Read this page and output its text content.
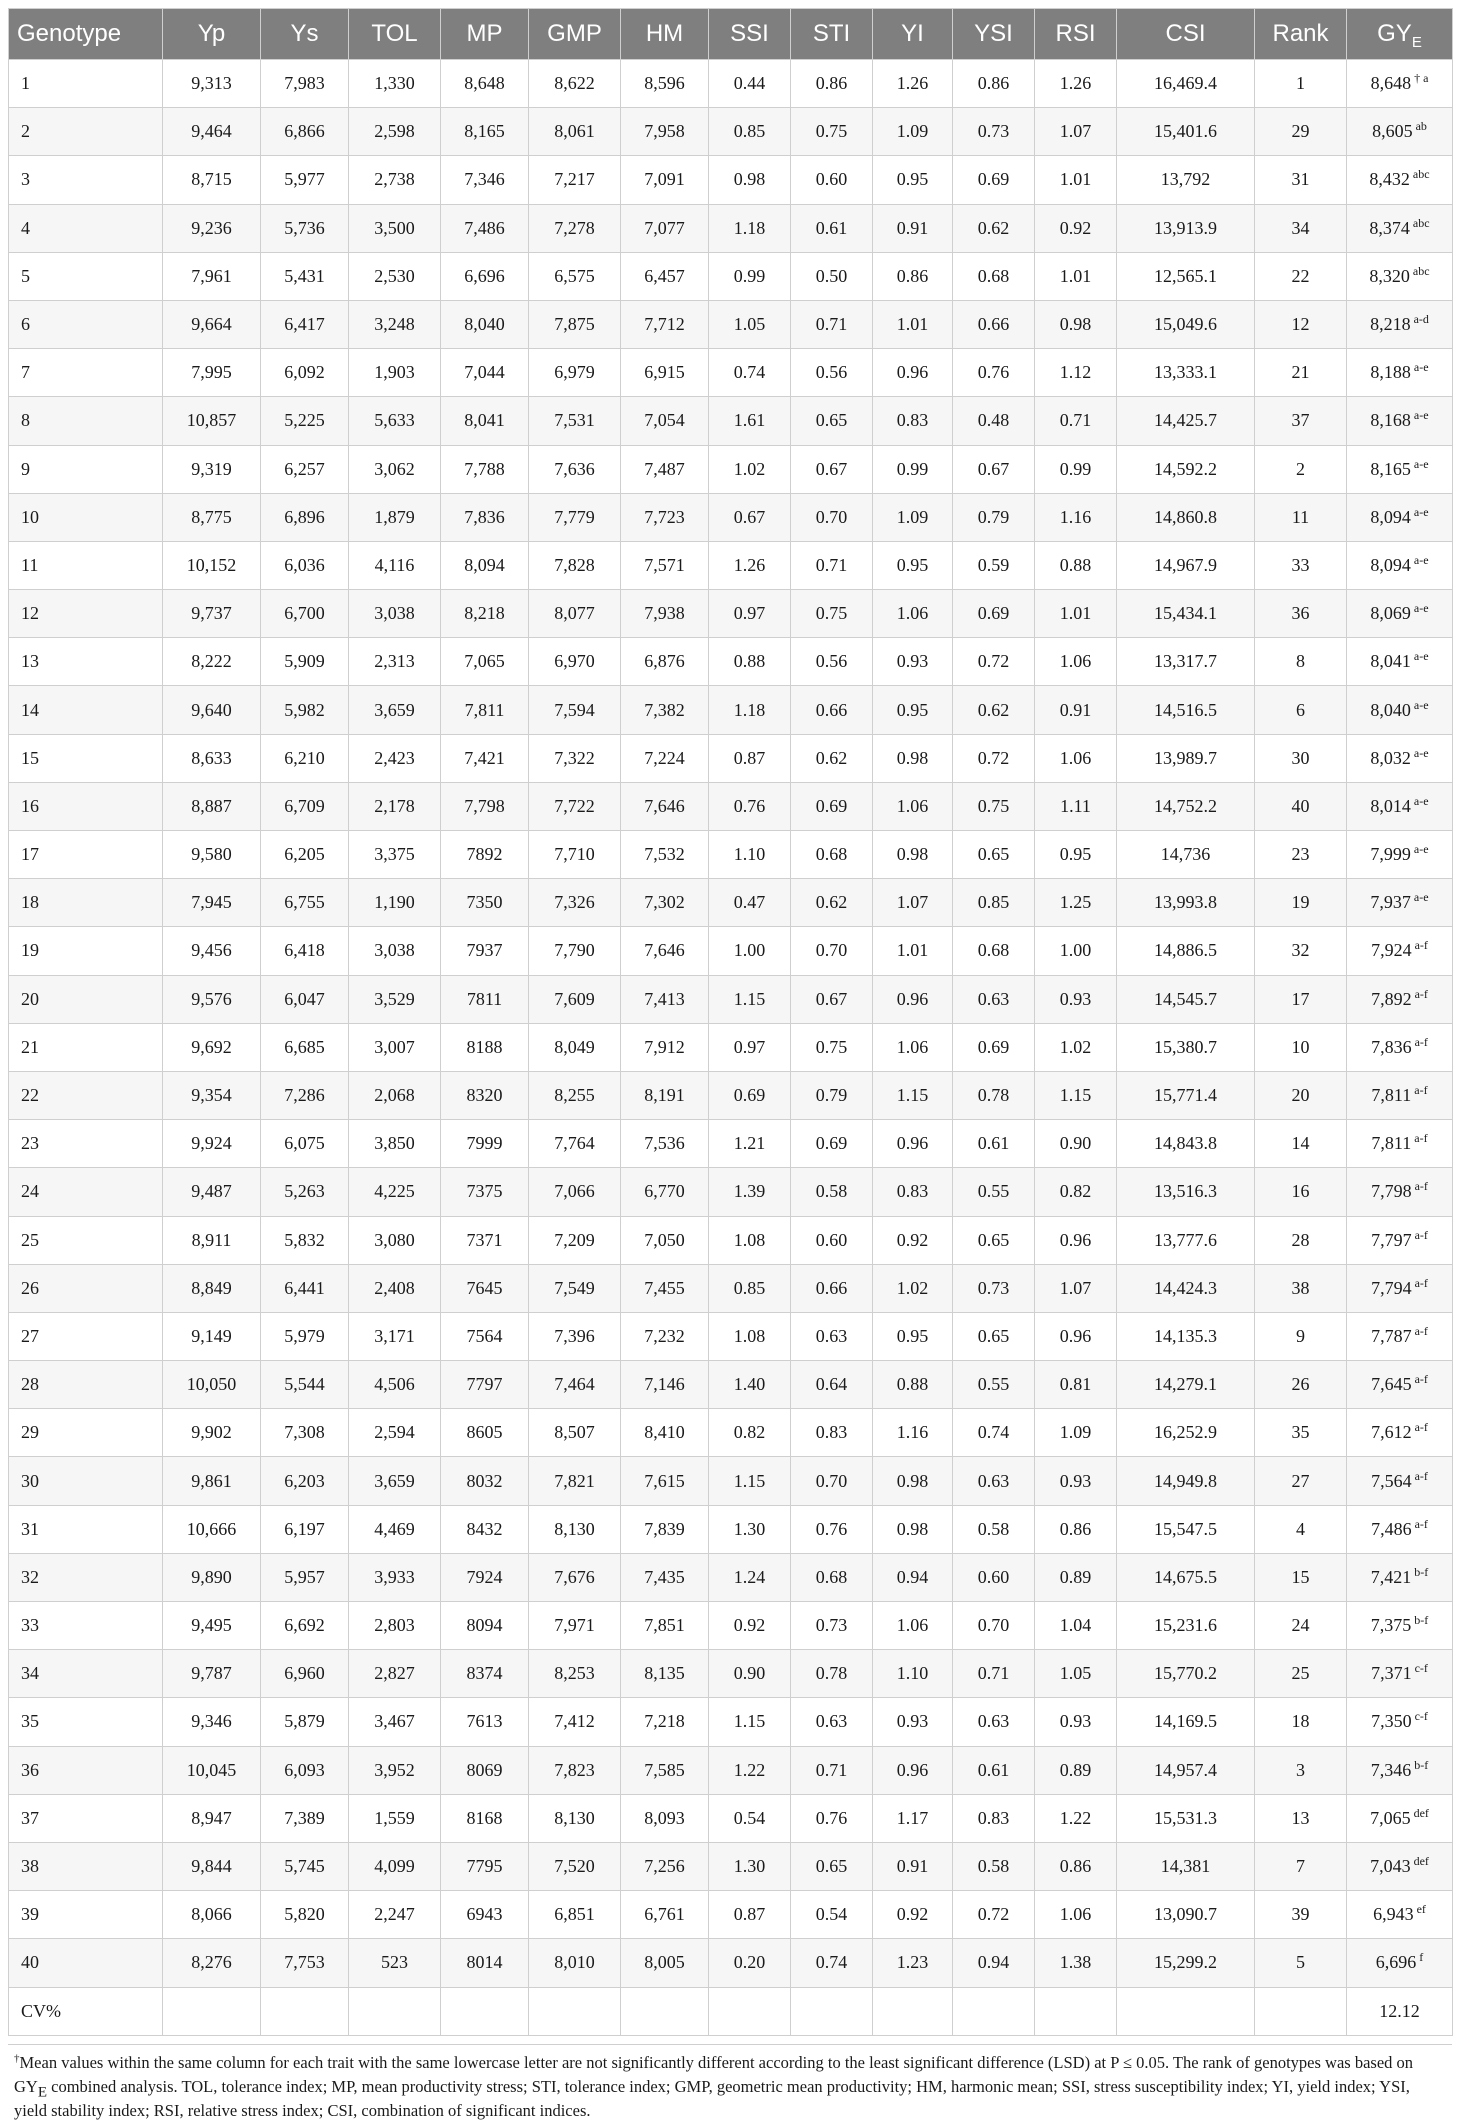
Genotype	Yp	Ys	TOL	MP	GMP	HM	SSI	STI	YI	YSI	RSI	CSI	Rank	$GY_E$
1	9,313	7,983	1,330	8,648	8,622	8,596	0.44	0.86	1.26	0.86	1.26	16,469.4	1	8,648 $^{\dagger a}$
2	9,464	6,866	2,598	8,165	8,061	7,958	0.85	0.75	1.09	0.73	1.07	15,401.6	29	8,605 $^{ab}$
3	8,715	5,977	2,738	7,346	7,217	7,091	0.98	0.60	0.95	0.69	1.01	13,792	31	8,432 $^{abc}$
4	9,236	5,736	3,500	7,486	7,278	7,077	1.18	0.61	0.91	0.62	0.92	13,913.9	34	8,374 $^{abc}$
5	7,961	5,431	2,530	6,696	6,575	6,457	0.99	0.50	0.86	0.68	1.01	12,565.1	22	8,320 $^{abc}$
6	9,664	6,417	3,248	8,040	7,875	7,712	1.05	0.71	1.01	0.66	0.98	15,049.6	12	8,218 $^{a-d}$
7	7,995	6,092	1,903	7,044	6,979	6,915	0.74	0.56	0.96	0.76	1.12	13,333.1	21	8,188 $^{a-e}$
8	10,857	5,225	5,633	8,041	7,531	7,054	1.61	0.65	0.83	0.48	0.71	14,425.7	37	8,168 $^{a-e}$
9	9,319	6,257	3,062	7,788	7,636	7,487	1.02	0.67	0.99	0.67	0.99	14,592.2	2	8,165 $^{a-e}$
10	8,775	6,896	1,879	7,836	7,779	7,723	0.67	0.70	1.09	0.79	1.16	14,860.8	11	8,094 $^{a-e}$
11	10,152	6,036	4,116	8,094	7,828	7,571	1.26	0.71	0.95	0.59	0.88	14,967.9	33	8,094 $^{a-e}$
12	9,737	6,700	3,038	8,218	8,077	7,938	0.97	0.75	1.06	0.69	1.01	15,434.1	36	8,069 $^{a-e}$
13	8,222	5,909	2,313	7,065	6,970	6,876	0.88	0.56	0.93	0.72	1.06	13,317.7	8	8,041 $^{a-e}$
14	9,640	5,982	3,659	7,811	7,594	7,382	1.18	0.66	0.95	0.62	0.91	14,516.5	6	8,040 $^{a-e}$
15	8,633	6,210	2,423	7,421	7,322	7,224	0.87	0.62	0.98	0.72	1.06	13,989.7	30	8,032 $^{a-e}$
16	8,887	6,709	2,178	7,798	7,722	7,646	0.76	0.69	1.06	0.75	1.11	14,752.2	40	8,014 $^{a-e}$
17	9,580	6,205	3,375	7892	7,710	7,532	1.10	0.68	0.98	0.65	0.95	14,736	23	7,999 $^{a-e}$
18	7,945	6,755	1,190	7350	7,326	7,302	0.47	0.62	1.07	0.85	1.25	13,993.8	19	7,937 $^{a-e}$
19	9,456	6,418	3,038	7937	7,790	7,646	1.00	0.70	1.01	0.68	1.00	14,886.5	32	7,924 $^{a-f}$
20	9,576	6,047	3,529	7811	7,609	7,413	1.15	0.67	0.96	0.63	0.93	14,545.7	17	7,892 $^{a-f}$
21	9,692	6,685	3,007	8188	8,049	7,912	0.97	0.75	1.06	0.69	1.02	15,380.7	10	7,836 $^{a-f}$
22	9,354	7,286	2,068	8320	8,255	8,191	0.69	0.79	1.15	0.78	1.15	15,771.4	20	7,811 $^{a-f}$
23	9,924	6,075	3,850	7999	7,764	7,536	1.21	0.69	0.96	0.61	0.90	14,843.8	14	7,811 $^{a-f}$
24	9,487	5,263	4,225	7375	7,066	6,770	1.39	0.58	0.83	0.55	0.82	13,516.3	16	7,798 $^{a-f}$
25	8,911	5,832	3,080	7371	7,209	7,050	1.08	0.60	0.92	0.65	0.96	13,777.6	28	7,797 $^{a-f}$
26	8,849	6,441	2,408	7645	7,549	7,455	0.85	0.66	1.02	0.73	1.07	14,424.3	38	7,794 $^{a-f}$
27	9,149	5,979	3,171	7564	7,396	7,232	1.08	0.63	0.95	0.65	0.96	14,135.3	9	7,787 $^{a-f}$
28	10,050	5,544	4,506	7797	7,464	7,146	1.40	0.64	0.88	0.55	0.81	14,279.1	26	7,645 $^{a-f}$
29	9,902	7,308	2,594	8605	8,507	8,410	0.82	0.83	1.16	0.74	1.09	16,252.9	35	7,612 $^{a-f}$
30	9,861	6,203	3,659	8032	7,821	7,615	1.15	0.70	0.98	0.63	0.93	14,949.8	27	7,564 $^{a-f}$
31	10,666	6,197	4,469	8432	8,130	7,839	1.30	0.76	0.98	0.58	0.86	15,547.5	4	7,486 $^{a-f}$
32	9,890	5,957	3,933	7924	7,676	7,435	1.24	0.68	0.94	0.60	0.89	14,675.5	15	7,421 $^{b-f}$
33	9,495	6,692	2,803	8094	7,971	7,851	0.92	0.73	1.06	0.70	1.04	15,231.6	24	7,375 $^{b-f}$
34	9,787	6,960	2,827	8374	8,253	8,135	0.90	0.78	1.10	0.71	1.05	15,770.2	25	7,371 $^{c-f}$
35	9,346	5,879	3,467	7613	7,412	7,218	1.15	0.63	0.93	0.63	0.93	14,169.5	18	7,350 $^{c-f}$
36	10,045	6,093	3,952	8069	7,823	7,585	1.22	0.71	0.96	0.61	0.89	14,957.4	3	7,346 $^{b-f}$
37	8,947	7,389	1,559	8168	8,130	8,093	0.54	0.76	1.17	0.83	1.22	15,531.3	13	7,065 $^{def}$
38	9,844	5,745	4,099	7795	7,520	7,256	1.30	0.65	0.91	0.58	0.86	14,381	7	7,043 $^{def}$
39	8,066	5,820	2,247	6943	6,851	6,761	0.87	0.54	0.92	0.72	1.06	13,090.7	39	6,943 $^{ef}$
40	8,276	7,753	523	8014	8,010	8,005	0.20	0.74	1.23	0.94	1.38	15,299.2	5	6,696 $^f$
CV%														12.12
†Mean values within the same column for each trait with the same lowercase letter are not significantly different according to the least significant difference (LSD) at P ≤ 0.05. The rank of genotypes was based on GYE combined analysis. TOL, tolerance index; MP, mean productivity stress; STI, tolerance index; GMP, geometric mean productivity; HM, harmonic mean; SSI, stress susceptibility index; YI, yield index; YSI, yield stability index; RSI, relative stress index; CSI, combination of significant indices.
